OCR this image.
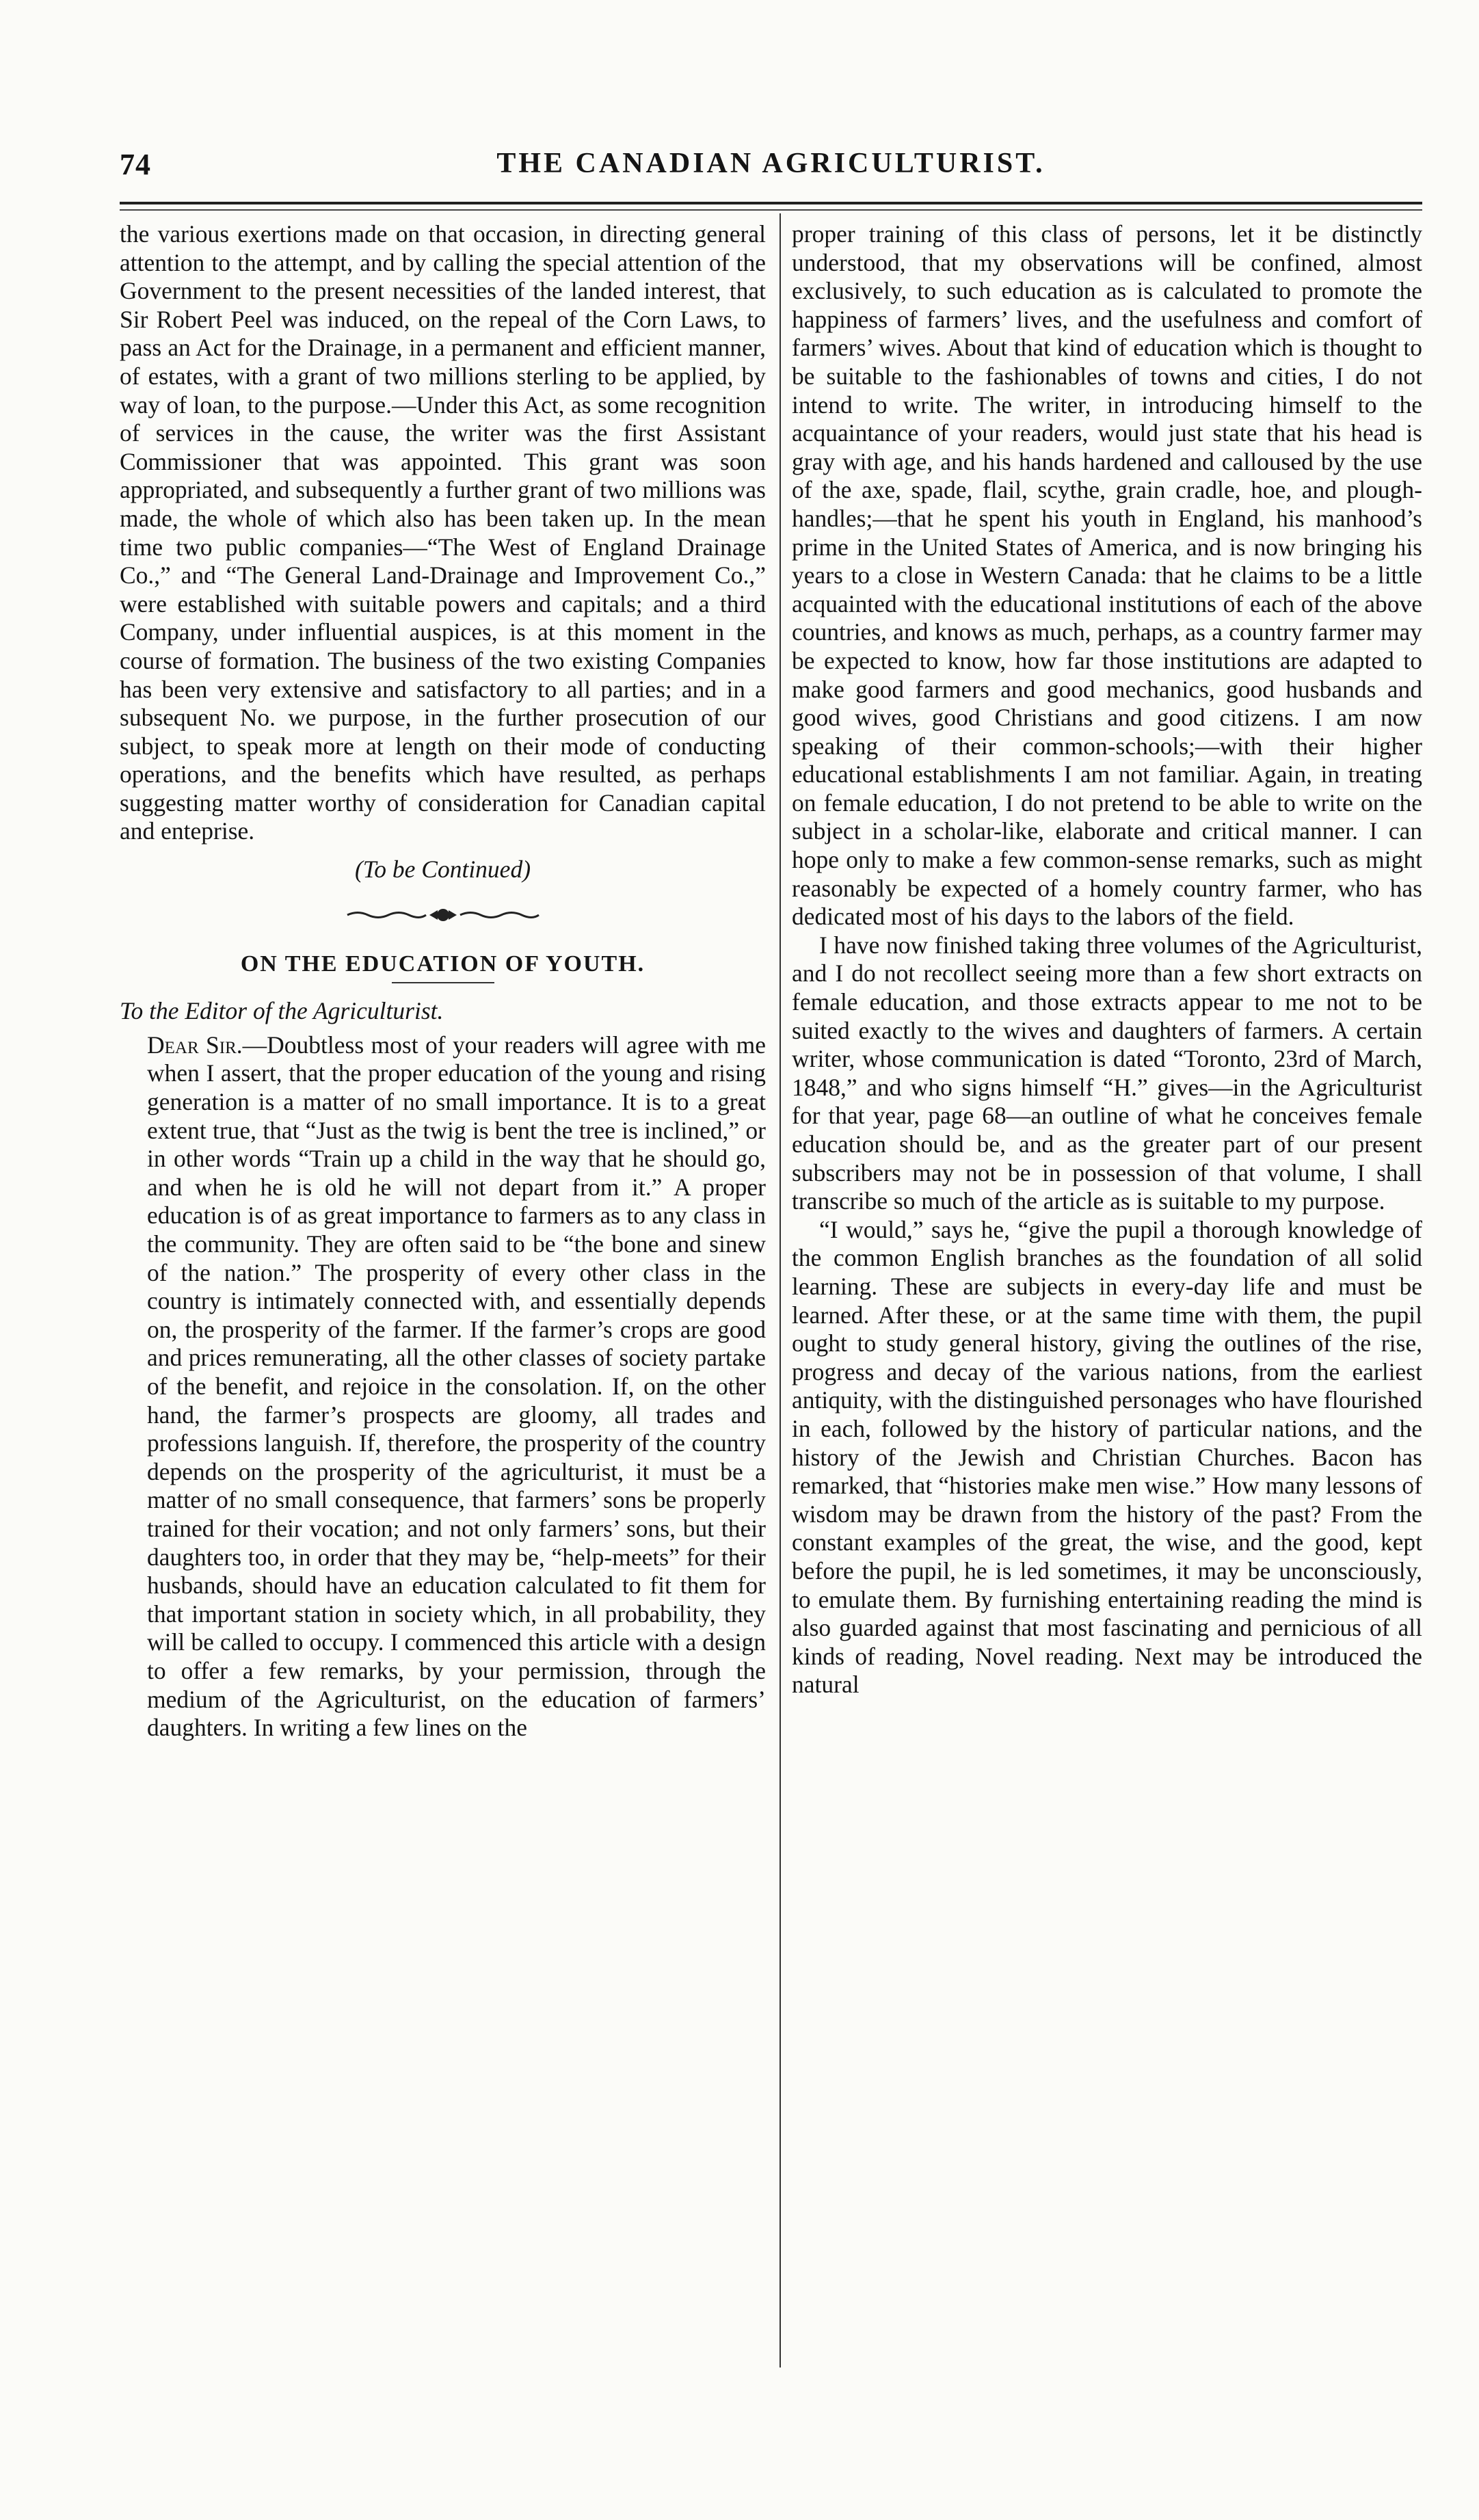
74	THE CANADIAN AGRICULTURIST.

the various exertions made on that occasion, in directing general attention to the attempt, and by calling the special attention of the Government to the present necessities of the landed interest, that Sir Robert Peel was induced, on the repeal of the Corn Laws, to pass an Act for the Drainage, in a permanent and efficient manner, of estates, with a grant of two millions sterling to be applied, by way of loan, to the purpose.—Under this Act, as some recognition of services in the cause, the writer was the first Assistant Commissioner that was appointed. This grant was soon appropriated, and subsequently a further grant of two millions was made, the whole of which also has been taken up. In the mean time two public companies—“The West of England Drainage Co.,” and “The General Land-Drainage and Improvement Co.,” were established with suitable powers and capitals; and a third Company, under influential auspices, is at this moment in the course of formation. The business of the two existing Companies has been very extensive and satisfactory to all parties; and in a subsequent No. we purpose, in the further prosecution of our subject, to speak more at length on their mode of conducting operations, and the benefits which have resulted, as perhaps suggesting matter worthy of consideration for Canadian capital and enteprise.

(To be Continued)

ON THE EDUCATION OF YOUTH.

To the Editor of the Agriculturist.

Dear Sir.—Doubtless most of your readers will agree with me when I assert, that the proper education of the young and rising generation is a matter of no small importance. It is to a great extent true, that “Just as the twig is bent the tree is inclined,” or in other words “Train up a child in the way that he should go, and when he is old he will not depart from it.” A proper education is of as great importance to farmers as to any class in the community. They are often said to be “the bone and sinew of the nation.” The prosperity of every other class in the country is intimately connected with, and essentially depends on, the prosperity of the farmer. If the farmer’s crops are good and prices remunerating, all the other classes of society partake of the benefit, and rejoice in the consolation. If, on the other hand, the farmer’s prospects are gloomy, all trades and professions languish. If, therefore, the prosperity of the country depends on the prosperity of the agriculturist, it must be a matter of no small consequence, that farmers’ sons be properly trained for their vocation; and not only farmers’ sons, but their daughters too, in order that they may be, “help-meets” for their husbands, should have an education calculated to fit them for that important station in society which, in all probability, they will be called to occupy. I commenced this article with a design to offer a few remarks, by your permission, through the medium of the Agriculturist, on the education of farmers’ daughters. In writing a few lines on the

proper training of this class of persons, let it be distinctly understood, that my observations will be confined, almost exclusively, to such education as is calculated to promote the happiness of farmers’ lives, and the usefulness and comfort of farmers’ wives. About that kind of education which is thought to be suitable to the fashionables of towns and cities, I do not intend to write. The writer, in introducing himself to the acquaintance of your readers, would just state that his head is gray with age, and his hands hardened and calloused by the use of the axe, spade, flail, scythe, grain cradle, hoe, and plough-handles;—that he spent his youth in England, his manhood’s prime in the United States of America, and is now bringing his years to a close in Western Canada: that he claims to be a little acquainted with the educational institutions of each of the above countries, and knows as much, perhaps, as a country farmer may be expected to know, how far those institutions are adapted to make good farmers and good mechanics, good husbands and good wives, good Christians and good citizens. I am now speaking of their common-schools;—with their higher educational establishments I am not familiar. Again, in treating on female education, I do not pretend to be able to write on the subject in a scholar-like, elaborate and critical manner. I can hope only to make a few common-sense remarks, such as might reasonably be expected of a homely country farmer, who has dedicated most of his days to the labors of the field.

I have now finished taking three volumes of the Agriculturist, and I do not recollect seeing more than a few short extracts on female education, and those extracts appear to me not to be suited exactly to the wives and daughters of farmers. A certain writer, whose communication is dated “Toronto, 23rd of March, 1848,” and who signs himself “H.” gives—in the Agriculturist for that year, page 68—an outline of what he conceives female education should be, and as the greater part of our present subscribers may not be in possession of that volume, I shall transcribe so much of the article as is suitable to my purpose.

“I would,” says he, “give the pupil a thorough knowledge of the common English branches as the foundation of all solid learning. These are subjects in every-day life and must be learned. After these, or at the same time with them, the pupil ought to study general history, giving the outlines of the rise, progress and decay of the various nations, from the earliest antiquity, with the distinguished personages who have flourished in each, followed by the history of particular nations, and the history of the Jewish and Christian Churches. Bacon has remarked, that “histories make men wise.” How many lessons of wisdom may be drawn from the history of the past? From the constant examples of the great, the wise, and the good, kept before the pupil, he is led sometimes, it may be unconsciously, to emulate them. By furnishing entertaining reading the mind is also guarded against that most fascinating and pernicious of all kinds of reading, Novel reading. Next may be introduced the natural
